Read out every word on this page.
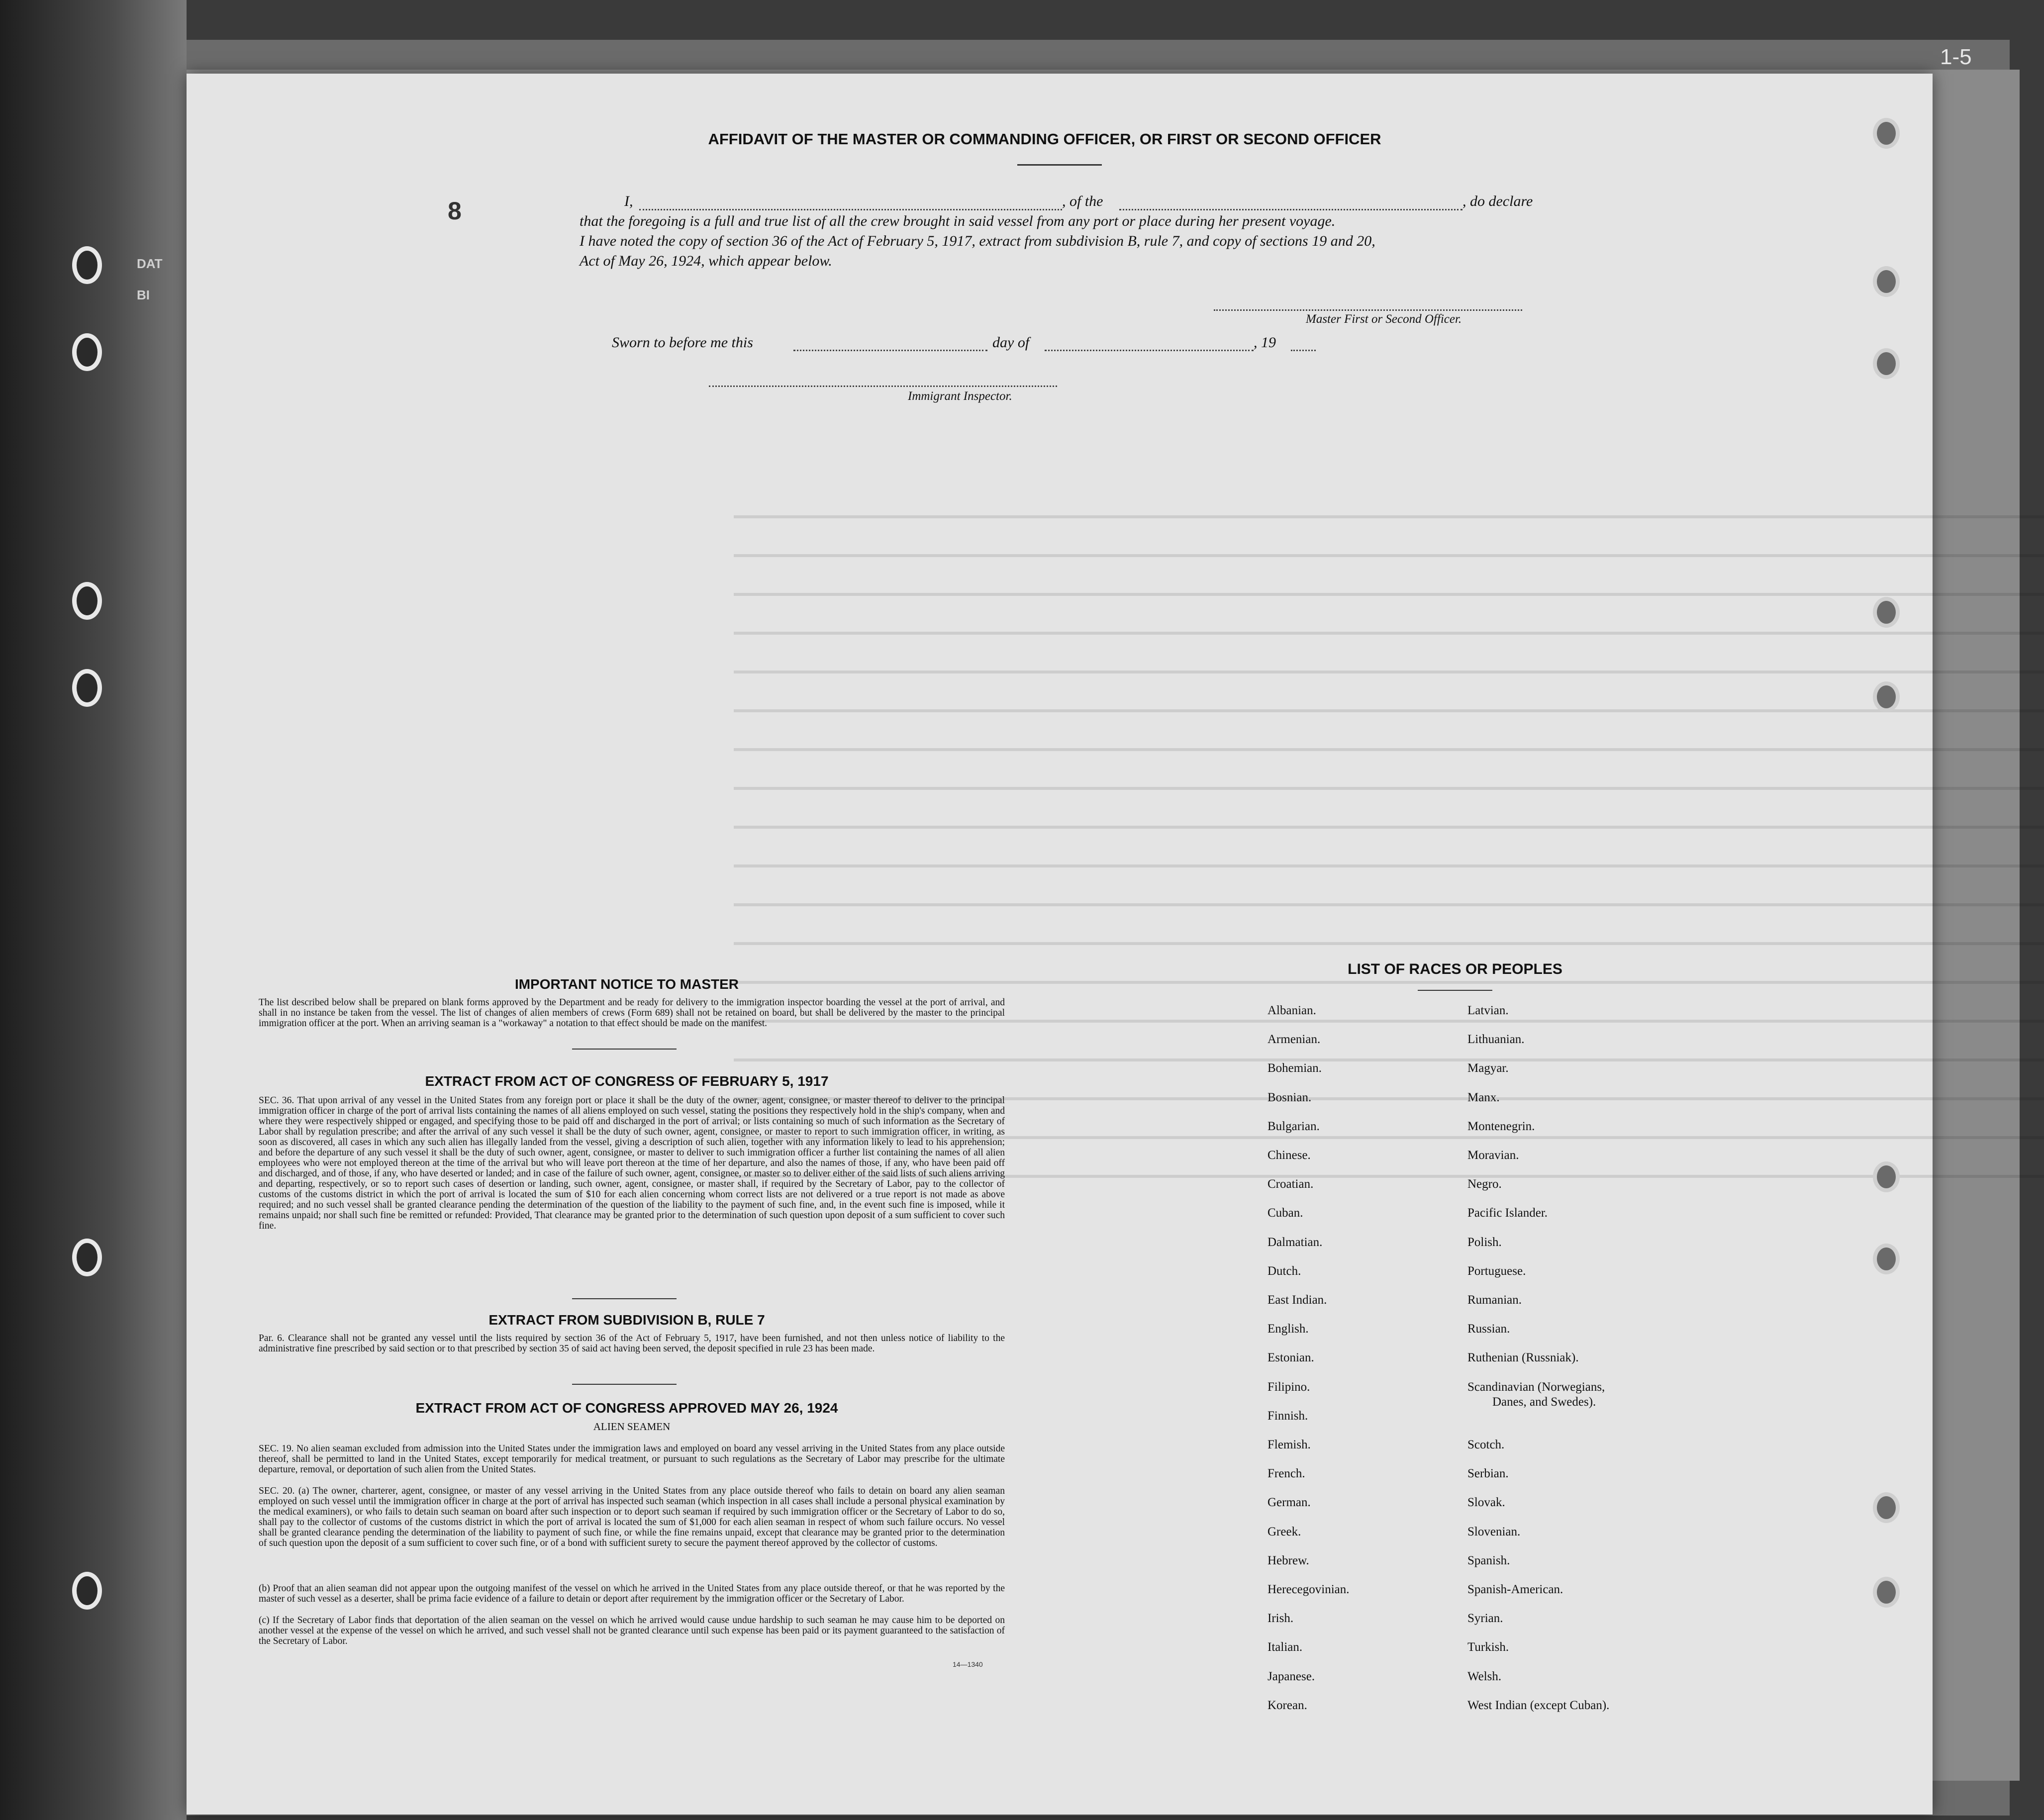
DAT
BI
1-5
8
AFFIDAVIT OF THE MASTER OR COMMANDING OFFICER, OR FIRST OR SECOND OFFICER
I,	, of the	, do declare
that the foregoing is a full and true list of all the crew brought in said vessel from any port or place during her present voyage.
I have noted the copy of section 36 of the Act of February 5, 1917, extract from subdivision B, rule 7, and copy of sections 19 and 20,
Act of May 26, 1924, which appear below.
Master First or Second Officer.
Sworn to before me this	day of	, 19
Immigrant Inspector.
IMPORTANT NOTICE TO MASTER
The list described below shall be prepared on blank forms approved by the Department and be ready for delivery to the immigration inspector boarding the vessel at the port of arrival, and shall in no instance be taken from the vessel. The list of changes of alien members of crews (Form 689) shall not be retained on board, but shall be delivered by the master to the principal immigration officer at the port. When an arriving seaman is a "workaway" a notation to that effect should be made on the manifest.
EXTRACT FROM ACT OF CONGRESS OF FEBRUARY 5, 1917
SEC. 36. That upon arrival of any vessel in the United States from any foreign port or place it shall be the duty of the owner, agent, consignee, or master thereof to deliver to the principal immigration officer in charge of the port of arrival lists containing the names of all aliens employed on such vessel, stating the positions they respectively hold in the ship's company, when and where they were respectively shipped or engaged, and specifying those to be paid off and discharged in the port of arrival; or lists containing so much of such information as the Secretary of Labor shall by regulation prescribe; and after the arrival of any such vessel it shall be the duty of such owner, agent, consignee, or master to report to such immigration officer, in writing, as soon as discovered, all cases in which any such alien has illegally landed from the vessel, giving a description of such alien, together with any information likely to lead to his apprehension; and before the departure of any such vessel it shall be the duty of such owner, agent, consignee, or master to deliver to such immigration officer a further list containing the names of all alien employees who were not employed thereon at the time of the arrival but who will leave port thereon at the time of her departure, and also the names of those, if any, who have been paid off and discharged, and of those, if any, who have deserted or landed; and in case of the failure of such owner, agent, consignee, or master so to deliver either of the said lists of such aliens arriving and departing, respectively, or so to report such cases of desertion or landing, such owner, agent, consignee, or master shall, if required by the Secretary of Labor, pay to the collector of customs of the customs district in which the port of arrival is located the sum of $10 for each alien concerning whom correct lists are not delivered or a true report is not made as above required; and no such vessel shall be granted clearance pending the determination of the question of the liability to the payment of such fine, and, in the event such fine is imposed, while it remains unpaid; nor shall such fine be remitted or refunded: Provided, That clearance may be granted prior to the determination of such question upon deposit of a sum sufficient to cover such fine.
EXTRACT FROM SUBDIVISION B, RULE 7
Par. 6. Clearance shall not be granted any vessel until the lists required by section 36 of the Act of February 5, 1917, have been furnished, and not then unless notice of liability to the administrative fine prescribed by said section or to that prescribed by section 35 of said act having been served, the deposit specified in rule 23 has been made.
EXTRACT FROM ACT OF CONGRESS APPROVED MAY 26, 1924
ALIEN SEAMEN
SEC. 19. No alien seaman excluded from admission into the United States under the immigration laws and employed on board any vessel arriving in the United States from any place outside thereof, shall be permitted to land in the United States, except temporarily for medical treatment, or pursuant to such regulations as the Secretary of Labor may prescribe for the ultimate departure, removal, or deportation of such alien from the United States.
SEC. 20. (a) The owner, charterer, agent, consignee, or master of any vessel arriving in the United States from any place outside thereof who fails to detain on board any alien seaman employed on such vessel until the immigration officer in charge at the port of arrival has inspected such seaman (which inspection in all cases shall include a personal physical examination by the medical examiners), or who fails to detain such seaman on board after such inspection or to deport such seaman if required by such immigration officer or the Secretary of Labor to do so, shall pay to the collector of customs of the customs district in which the port of arrival is located the sum of $1,000 for each alien seaman in respect of whom such failure occurs. No vessel shall be granted clearance pending the determination of the liability to payment of such fine, or while the fine remains unpaid, except that clearance may be granted prior to the determination of such question upon the deposit of a sum sufficient to cover such fine, or of a bond with sufficient surety to secure the payment thereof approved by the collector of customs.
(b) Proof that an alien seaman did not appear upon the outgoing manifest of the vessel on which he arrived in the United States from any place outside thereof, or that he was reported by the master of such vessel as a deserter, shall be prima facie evidence of a failure to detain or deport after requirement by the immigration officer or the Secretary of Labor.
(c) If the Secretary of Labor finds that deportation of the alien seaman on the vessel on which he arrived would cause undue hardship to such seaman he may cause him to be deported on another vessel at the expense of the vessel on which he arrived, and such vessel shall not be granted clearance until such expense has been paid or its payment guaranteed to the satisfaction of the Secretary of Labor.
14—1340
LIST OF RACES OR PEOPLES
Albanian.
Armenian.
Bohemian.
Bosnian.
Bulgarian.
Chinese.
Croatian.
Cuban.
Dalmatian.
Dutch.
East Indian.
English.
Estonian.
Filipino.
Finnish.
Flemish.
French.
German.
Greek.
Hebrew.
Herecegovinian.
Irish.
Italian.
Japanese.
Korean.
Latvian.
Lithuanian.
Magyar.
Manx.
Montenegrin.
Moravian.
Negro.
Pacific Islander.
Polish.
Portuguese.
Rumanian.
Russian.
Ruthenian (Russniak).
Scandinavian (Norwegians,
Danes, and Swedes).
Scotch.
Serbian.
Slovak.
Slovenian.
Spanish.
Spanish-American.
Syrian.
Turkish.
Welsh.
West Indian (except Cuban).
